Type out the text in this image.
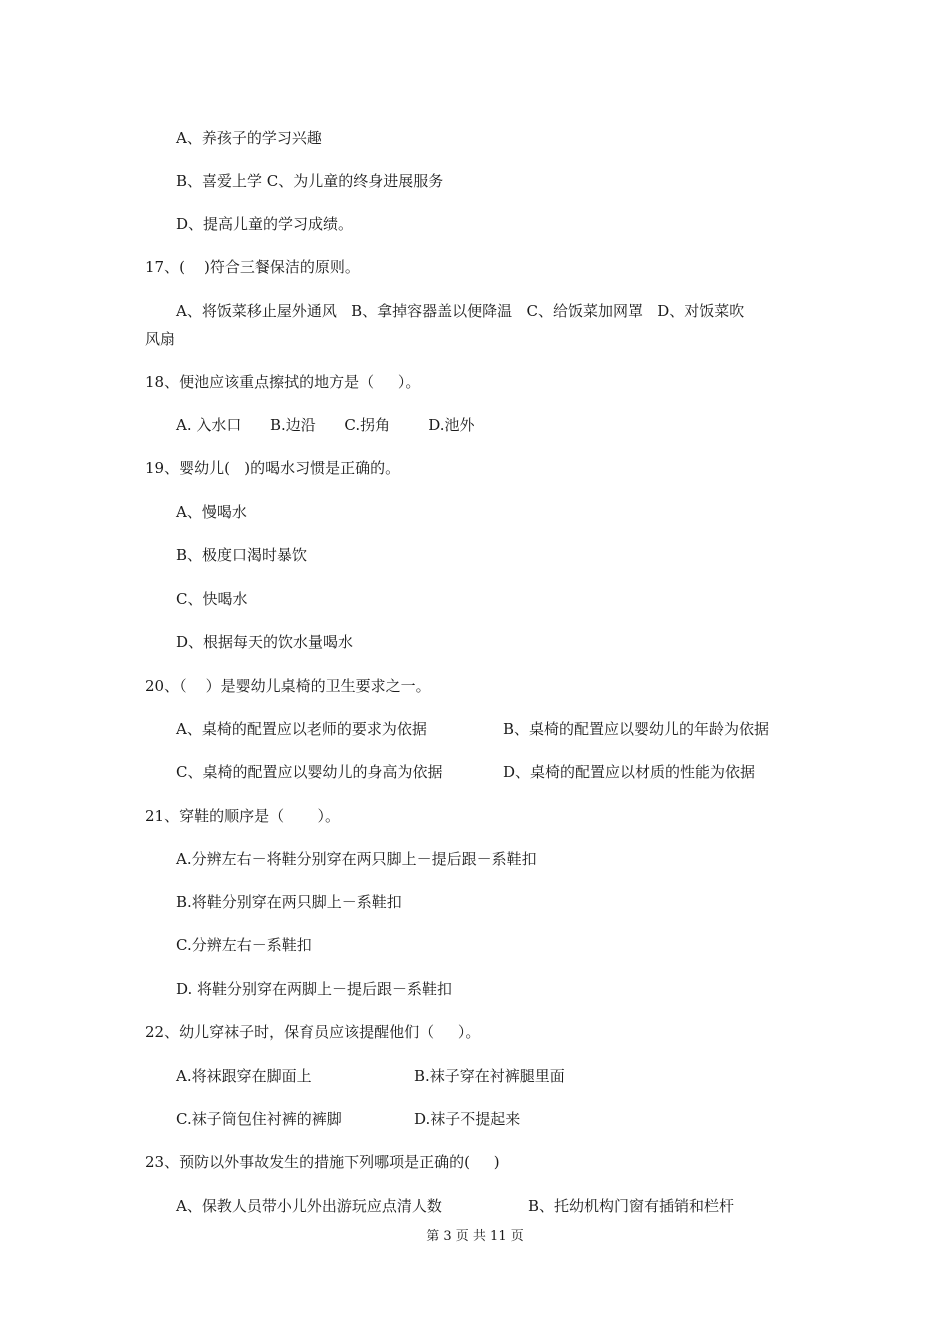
A、养孩子的学习兴趣
B、喜爱上学 C、为儿童的终身进展服务
D、提高儿童的学习成绩。
17、(    )符合三餐保洁的原则。
A、将饭菜移止屋外通风   B、拿掉容器盖以便降温   C、给饭菜加网罩   D、对饭菜吹
风扇
18、便池应该重点擦拭的地方是（     ）。
A. 入水口      B.边沿      C.拐角        D.池外
19、婴幼儿(   )的喝水习惯是正确的。
A、慢喝水
B、极度口渴时暴饮
C、快喝水
D、根据每天的饮水量喝水
20、（    ）是婴幼儿桌椅的卫生要求之一。
A、桌椅的配置应以老师的要求为依据	B、桌椅的配置应以婴幼儿的年龄为依据
C、桌椅的配置应以婴幼儿的身高为依据	D、桌椅的配置应以材质的性能为依据
21、穿鞋的顺序是（       ）。
A.分辨左右－将鞋分别穿在两只脚上－提后跟－系鞋扣
B.将鞋分别穿在两只脚上－系鞋扣
C.分辨左右－系鞋扣
D. 将鞋分别穿在两脚上－提后跟－系鞋扣
22、幼儿穿袜子时，保育员应该提醒他们（     ）。
A.将袜跟穿在脚面上	B.袜子穿在衬裤腿里面
C.袜子筒包住衬裤的裤脚	D.袜子不提起来
23、预防以外事故发生的措施下列哪项是正确的(     )
A、保教人员带小儿外出游玩应点清人数	B、托幼机构门窗有插销和栏杆
第 3 页 共 11 页
